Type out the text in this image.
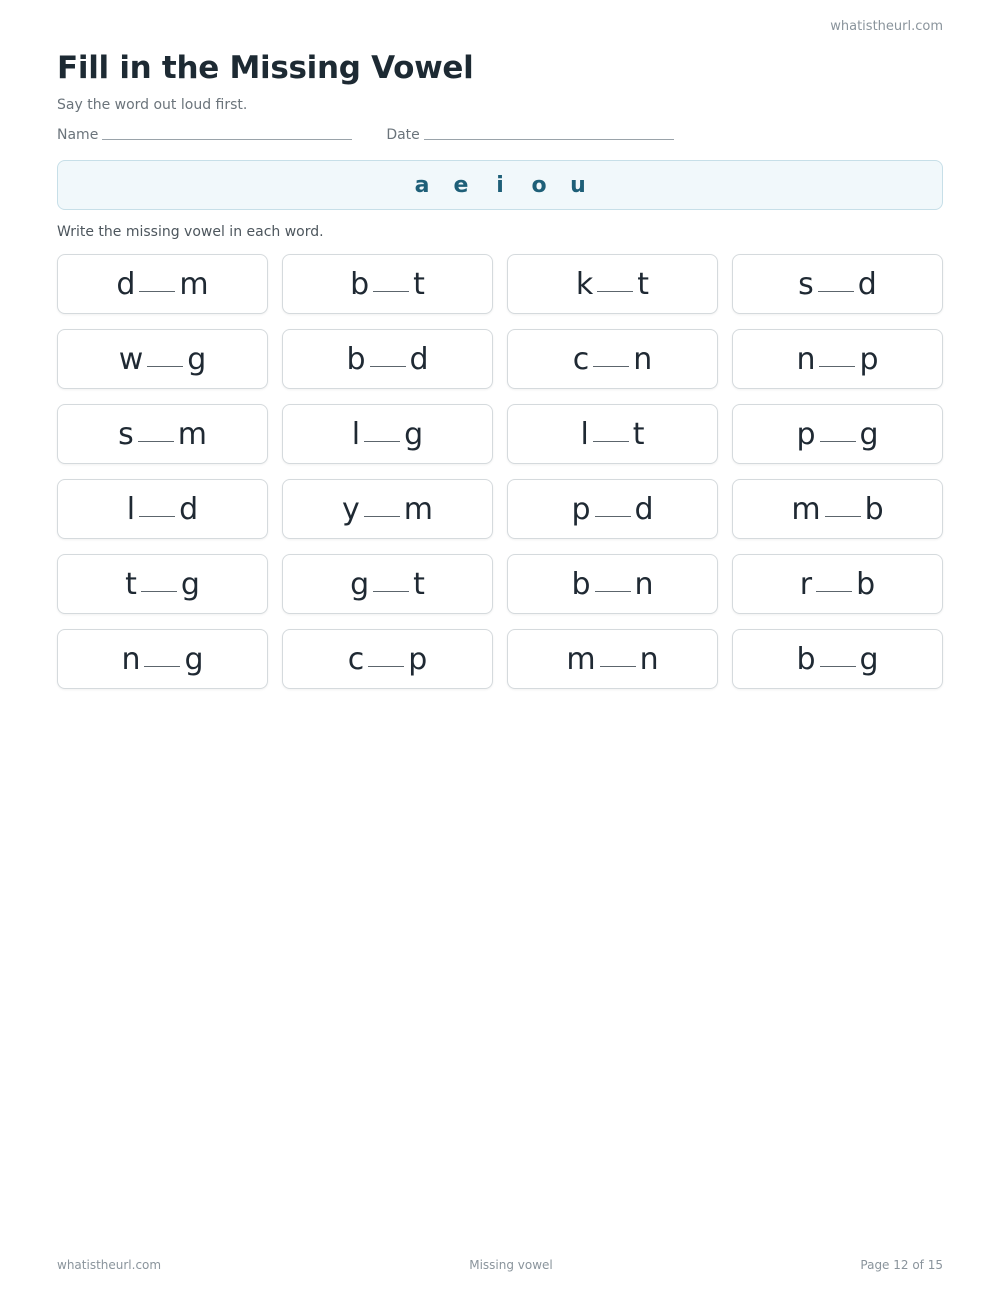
whatistheurl.com
Fill in the Missing Vowel
Say the word out loud first.
Name	Date
a e	i	o u
Write the missing vowel in each word.
d m	b t	k t	s d
w g	b d	c n	n p
s m	l g	l t	p g
l d	y m	p d	m b
t g	g t	b n	r b
n g	c p	m n	b g
whatistheurl.com	Missing vowel	Page 12 of 15
